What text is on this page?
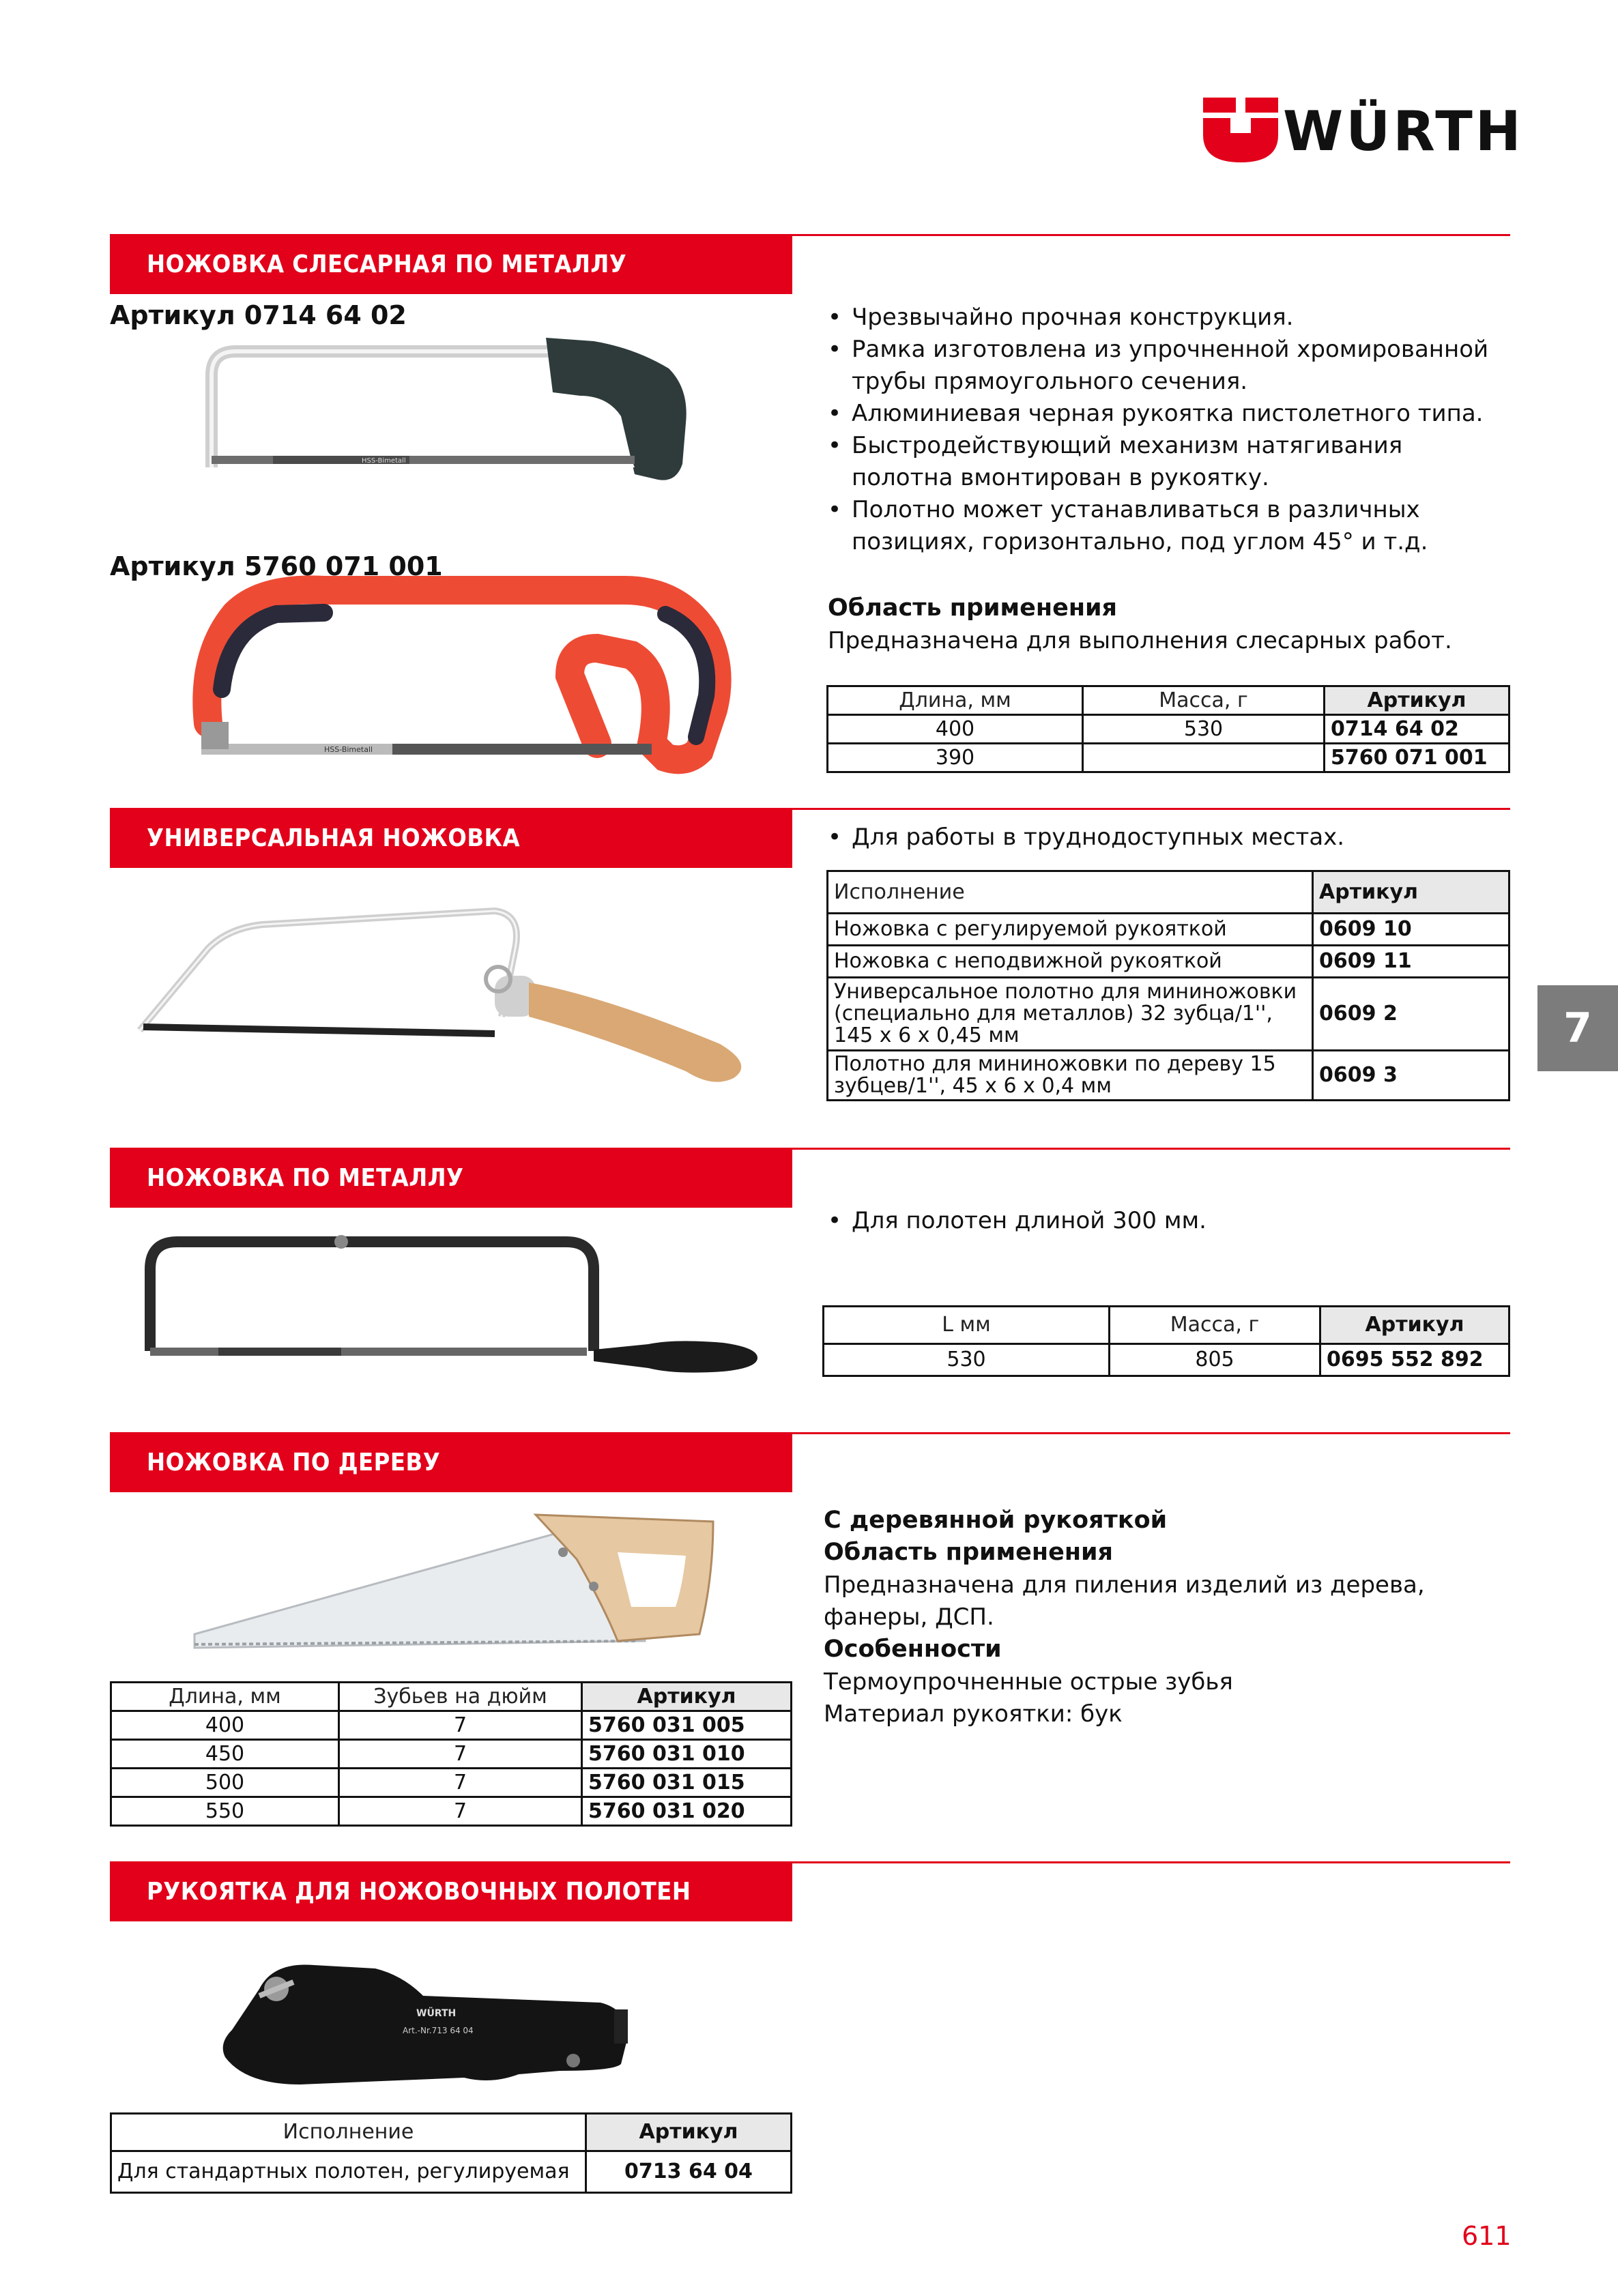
WÜRTH
НОЖОВКА СЛЕСАРНАЯ ПО МЕТАЛЛУ
Артикул 0714 64 02
HSS-Bimetall
Артикул 5760 071 001
HSS-Bimetall
• Чрезвычайно прочная конструкция.
• Рамка изготовлена из упрочненной хромированной трубы прямоугольного сечения.
• Алюминиевая черная рукоятка пистолетного типа.
• Быстродействующий механизм натягивания полотна вмонтирован в рукоятку.
• Полотно может устанавливаться в различных позициях, горизонтально, под углом 45° и т.д.
Область применения
Предназначена для выполнения слесарных работ.
Длина, мм	Масса, г	Артикул
400	530	0714 64 02
390		5760 071 001
УНИВЕРСАЛЬНАЯ НОЖОВКА	• Для работы в труднодоступных местах.
Исполнение	Артикул
Ножовка с регулируемой рукояткой	0609 10
Ножовка с неподвижной рукояткой	0609 11
Универсальное полотно для мининожовки (специально для металлов) 32 зубца/1'', 145 x 6 x 0,45 мм	0609 2
Полотно для мининожовки по дереву 15 зубцев/1'', 45 x 6 x 0,4 мм	0609 3
НОЖОВКА ПО МЕТАЛЛУ
• Для полотен длиной 300 мм.
L мм	Масса, г	Артикул
530	805	0695 552 892
НОЖОВКА ПО ДЕРЕВУ
Длина, мм	Зубьев на дюйм	Артикул
400	7	5760 031 005
450	7	5760 031 010
500	7	5760 031 015
550	7	5760 031 020
С деревянной рукояткой
Область применения
Предназначена для пиления изделий из дерева, фанеры, ДСП.
Особенности
Термоупрочненные острые зубья
Материал рукоятки: бук
РУКОЯТКА ДЛЯ НОЖОВОЧНЫХ ПОЛОТЕН
WÜRTH
Art.-Nr.713 64 04
Исполнение	Артикул
Для стандартных полотен, регулируемая	0713 64 04
7
611
